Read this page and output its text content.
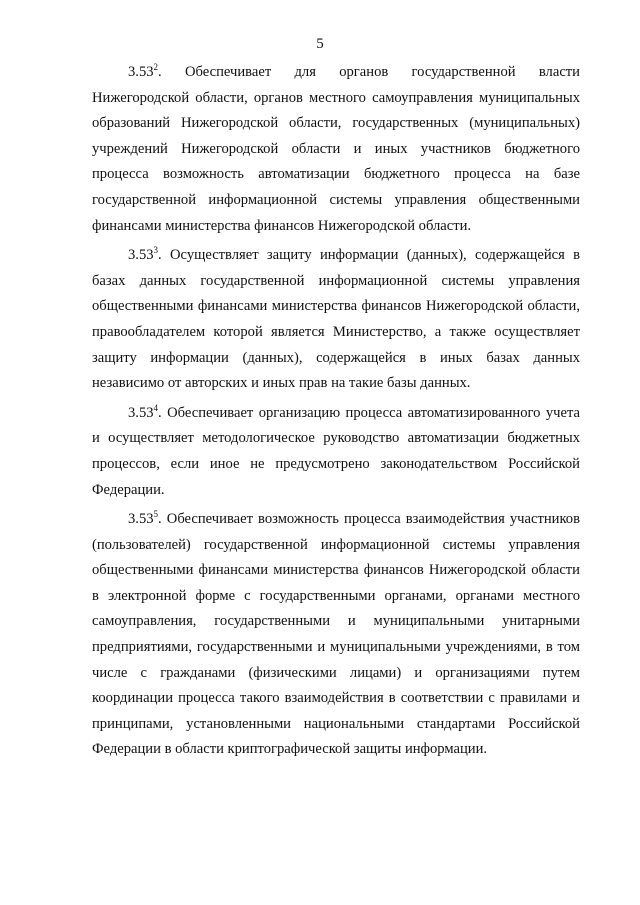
5

3.53$^2$. Обеспечивает для органов государственной власти Нижегородской области, органов местного самоуправления муниципальных образований Нижегородской области, государственных (муниципальных) учреждений Нижегородской области и иных участников бюджетного процесса возможность автоматизации бюджетного процесса на базе государственной информационной системы управления общественными финансами министерства финансов Нижегородской области.

3.53$^3$. Осуществляет защиту информации (данных), содержащейся в базах данных государственной информационной системы управления общественными финансами министерства финансов Нижегородской области, правообладателем которой является Министерство, а также осуществляет защиту информации (данных), содержащейся в иных базах данных независимо от авторских и иных прав на такие базы данных.

3.53$^4$. Обеспечивает организацию процесса автоматизированного учета и осуществляет методологическое руководство автоматизации бюджетных процессов, если иное не предусмотрено законодательством Российской Федерации.

3.53$^5$. Обеспечивает возможность процесса взаимодействия участников (пользователей) государственной информационной системы управления общественными финансами министерства финансов Нижегородской области в электронной форме с государственными органами, органами местного самоуправления, государственными и муниципальными унитарными предприятиями, государственными и муниципальными учреждениями, в том числе с гражданами (физическими лицами) и организациями путем координации процесса такого взаимодействия в соответствии с правилами и принципами, установленными национальными стандартами Российской Федерации в области криптографической защиты информации.
